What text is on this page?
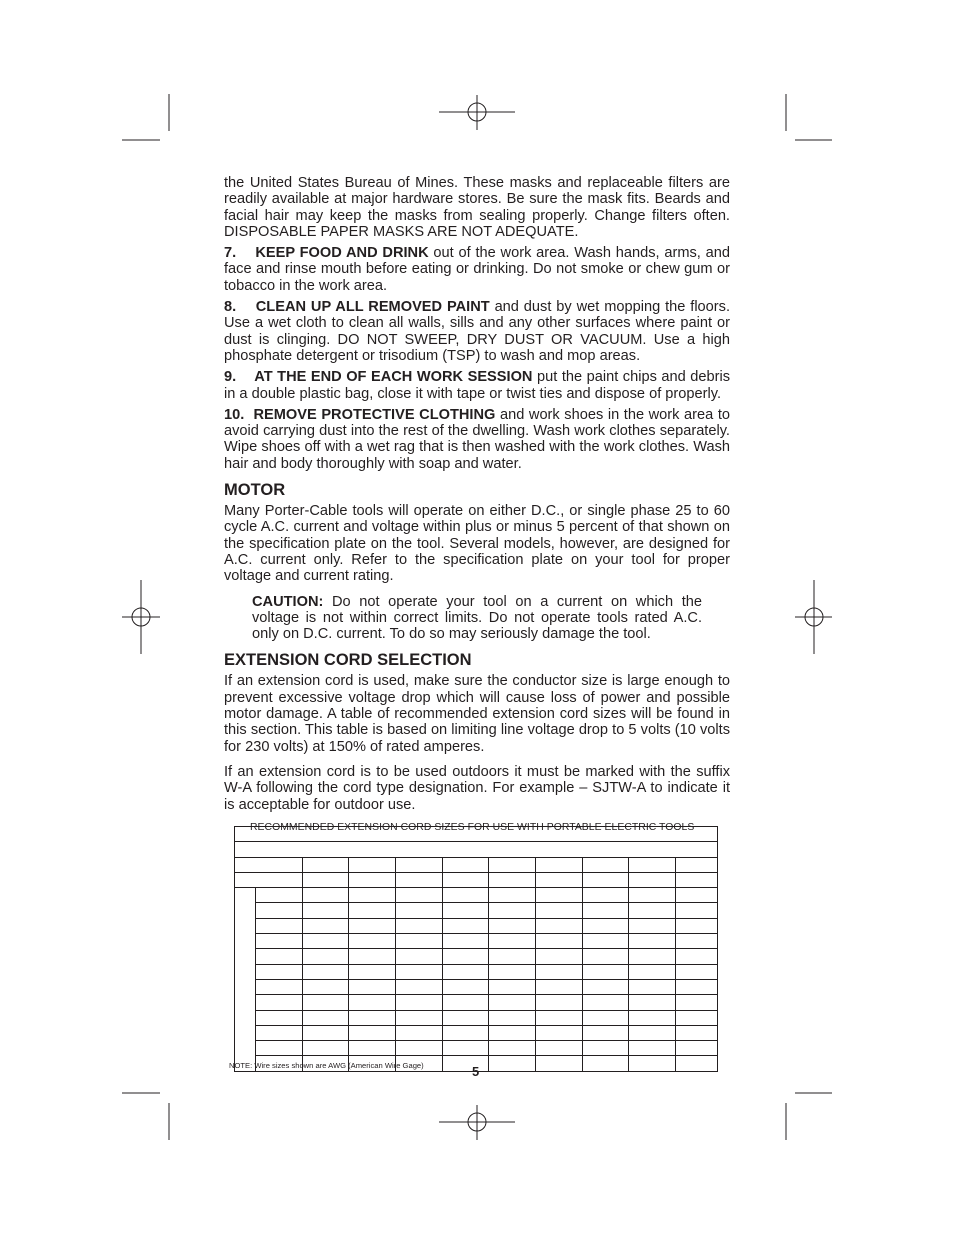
the United States Bureau of Mines. These masks and replaceable filters are readily available at major hardware stores. Be sure the mask fits. Beards and facial hair may keep the masks from sealing properly. Change filters often. DISPOSABLE PAPER MASKS ARE NOT ADEQUATE.

7. KEEP FOOD AND DRINK out of the work area. Wash hands, arms, and face and rinse mouth before eating or drinking. Do not smoke or chew gum or tobacco in the work area.

8. CLEAN UP ALL REMOVED PAINT and dust by wet mopping the floors. Use a wet cloth to clean all walls, sills and any other surfaces where paint or dust is clinging. DO NOT SWEEP, DRY DUST OR VACUUM. Use a high phosphate detergent or trisodium (TSP) to wash and mop areas.

9. AT THE END OF EACH WORK SESSION put the paint chips and debris in a double plastic bag, close it with tape or twist ties and dispose of properly.

10. REMOVE PROTECTIVE CLOTHING and work shoes in the work area to avoid carrying dust into the rest of the dwelling. Wash work clothes separately. Wipe shoes off with a wet rag that is then washed with the work clothes. Wash hair and body thoroughly with soap and water.

MOTOR

Many Porter-Cable tools will operate on either D.C., or single phase 25 to 60 cycle A.C. current and voltage within plus or minus 5 percent of that shown on the specification plate on the tool. Several models, however, are designed for A.C. current only. Refer to the specification plate on your tool for proper voltage and current rating.

CAUTION: Do not operate your tool on a current on which the voltage is not within correct limits. Do not operate tools rated A.C. only on D.C. current. To do so may seriously damage the tool.

EXTENSION CORD SELECTION

If an extension cord is used, make sure the conductor size is large enough to prevent excessive voltage drop which will cause loss of power and possible motor damage. A table of recommended extension cord sizes will be found in this section. This table is based on limiting line voltage drop to 5 volts (10 volts for 230 volts) at 150% of rated amperes.

If an extension cord is to be used outdoors it must be marked with the suffix W-A following the cord type designation. For example – SJTW-A to indicate it is acceptable for outdoor use.

RECOMMENDED EXTENSION CORD SIZES FOR USE WITH PORTABLE ELECTRIC TOOLS

NOTE: Wire sizes shown are AWG (American Wire Gage)	5
